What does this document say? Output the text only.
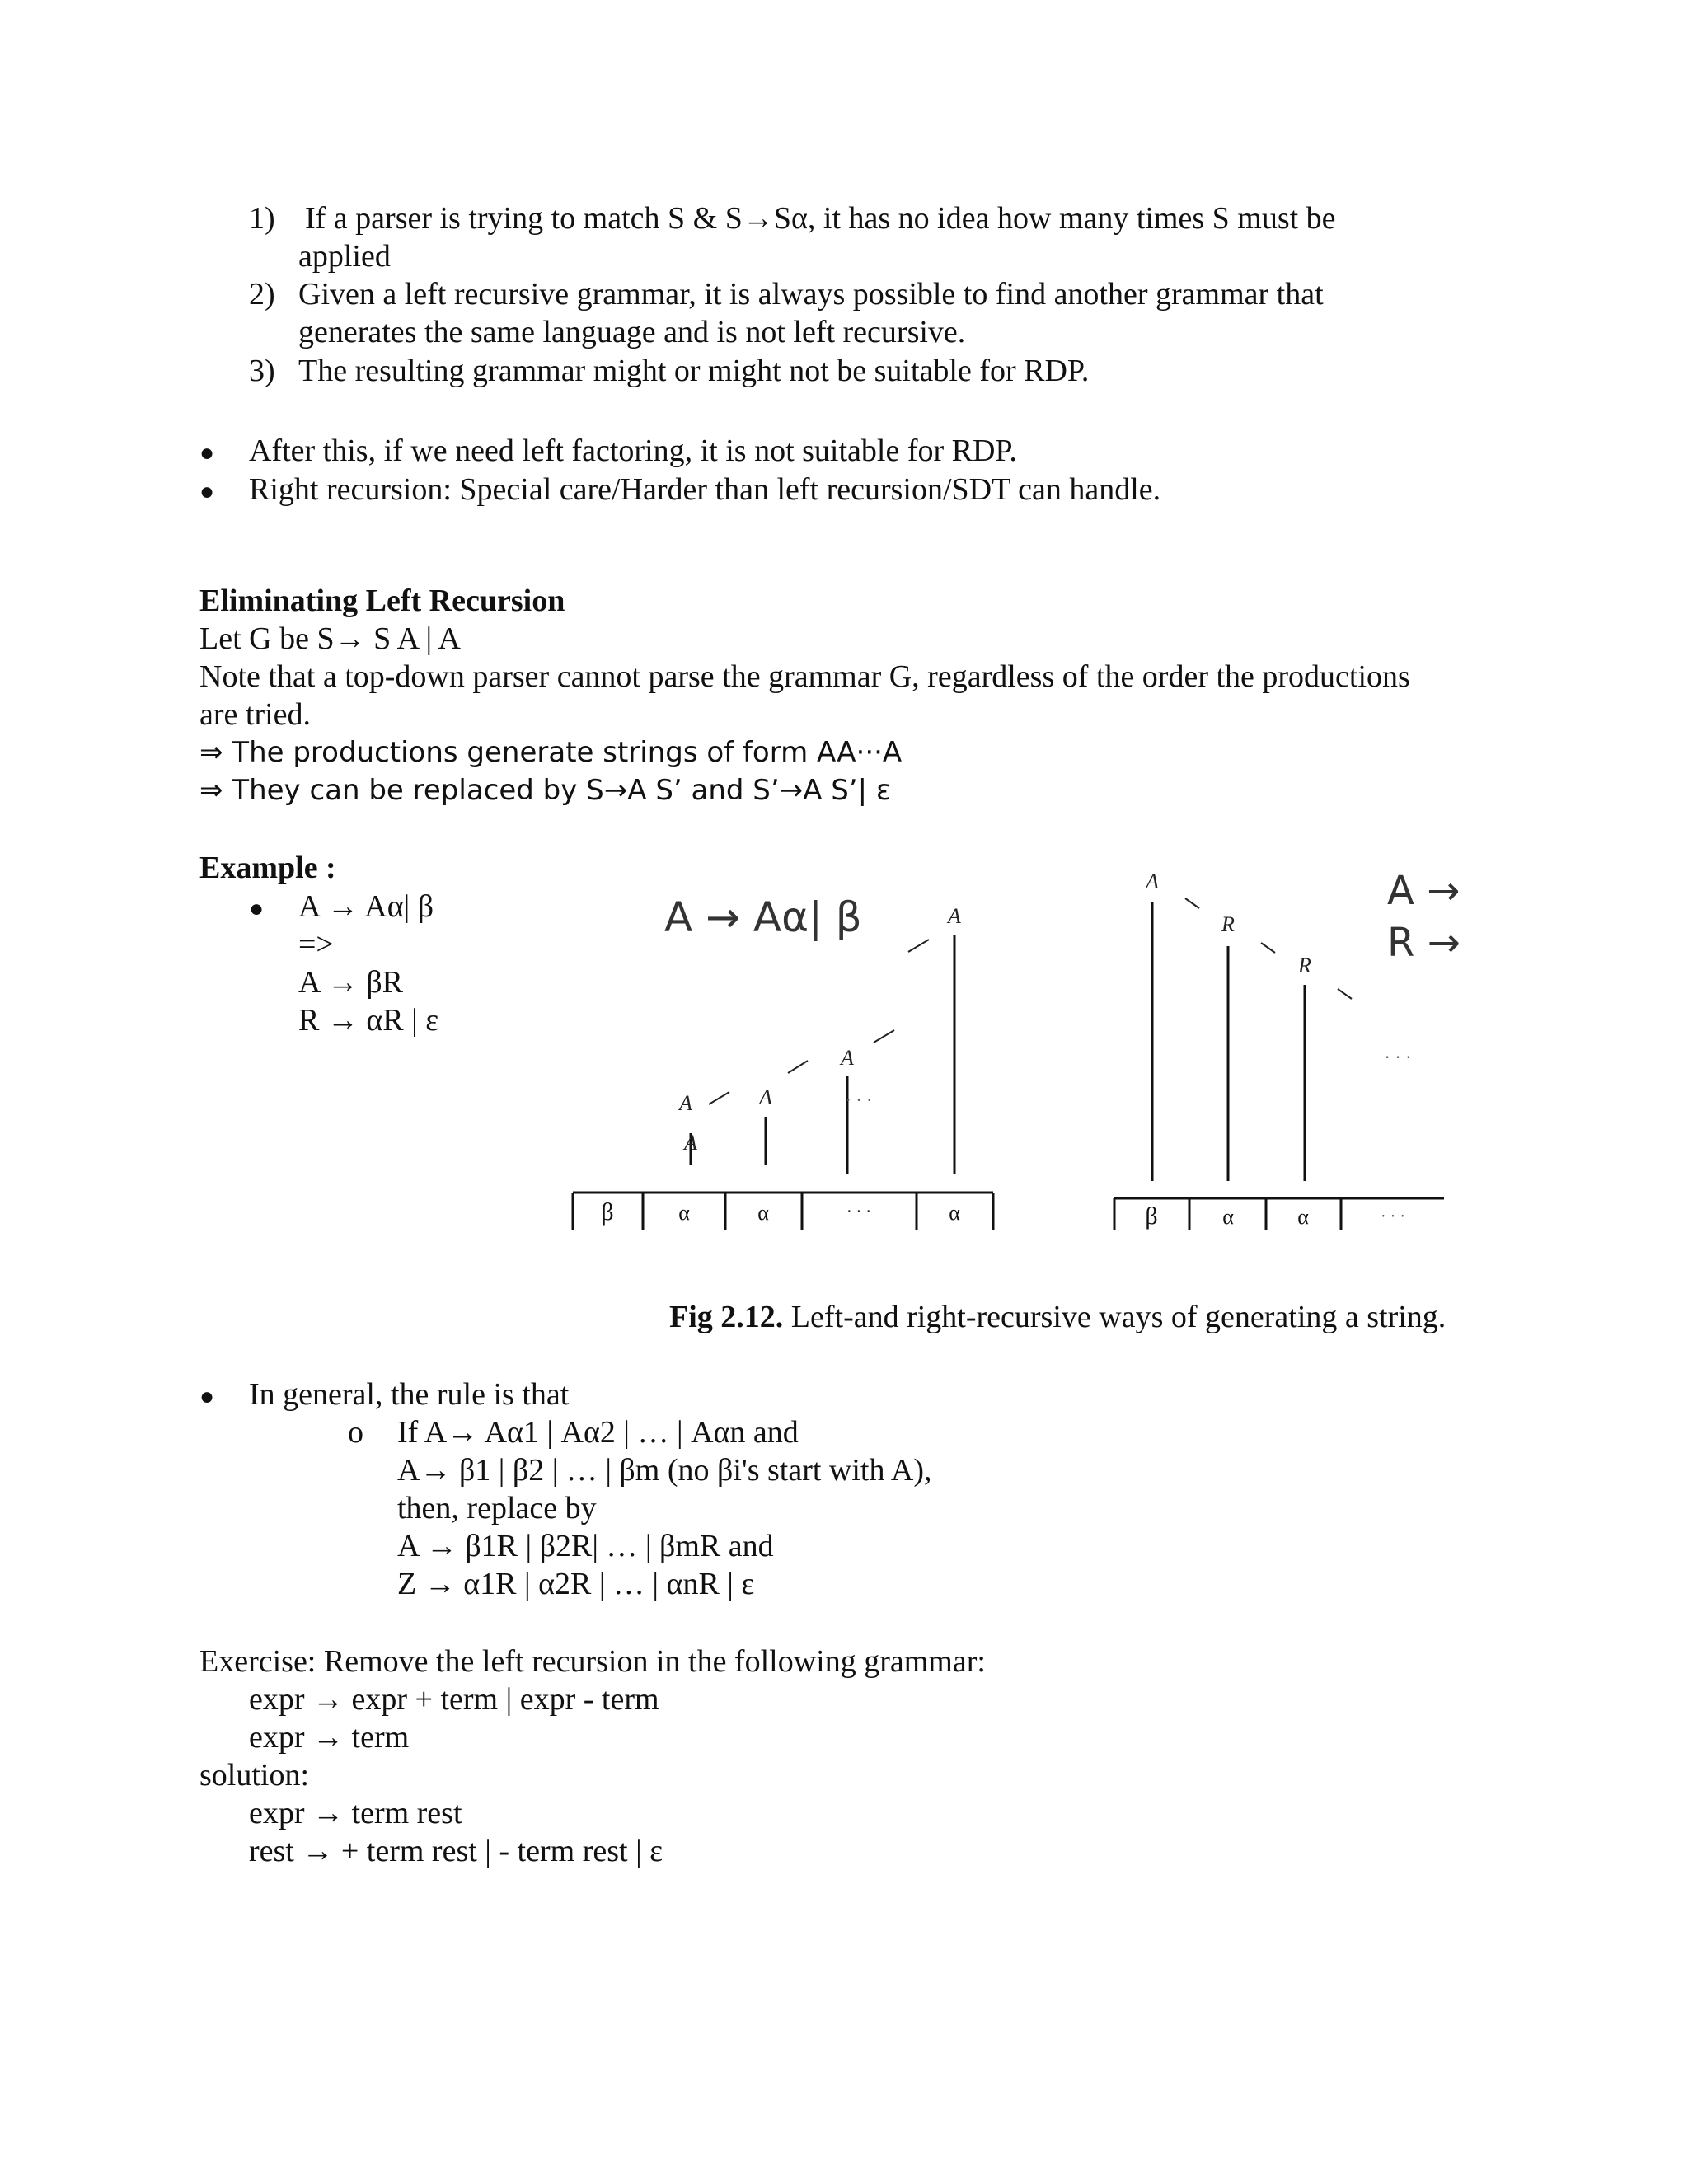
1) If a parser is trying to match S & S→Sα, it has no idea how many times S must be
applied
2) Given a left recursive grammar, it is always possible to find another grammar that
generates the same language and is not left recursive.
3) The resulting grammar might or might not be suitable for RDP.
● After this, if we need left factoring, it is not suitable for RDP.
● Right recursion: Special care/Harder than left recursion/SDT can handle.
Eliminating Left Recursion
Let G be S→ S A | A
Note that a top-down parser cannot parse the grammar G, regardless of the order the productions
are tried.
⇒ The productions generate strings of form AA···A
⇒ They can be replaced by S→A S’ and S’→A S’| ε
Example :
● A → Aα| β
=>
A → βR
R → αR | ε
A → Aα| β
A
A	A
A
A
· · ·
β	α	α	· · ·	α
A →
R →
A
R
R
· · ·
β	α	α	· · ·
Fig 2.12. Left-and right-recursive ways of generating a string.
● In general, the rule is that
o If A→ Aα1 | Aα2 | … | Aαn and
A→ β1 | β2 | … | βm (no βi's start with A),
then, replace by
A → β1R | β2R| … | βmR and
Z → α1R | α2R | … | αnR | ε
Exercise: Remove the left recursion in the following grammar:
expr → expr + term | expr - term
expr → term
solution:
expr → term rest
rest → + term rest | - term rest | ε
